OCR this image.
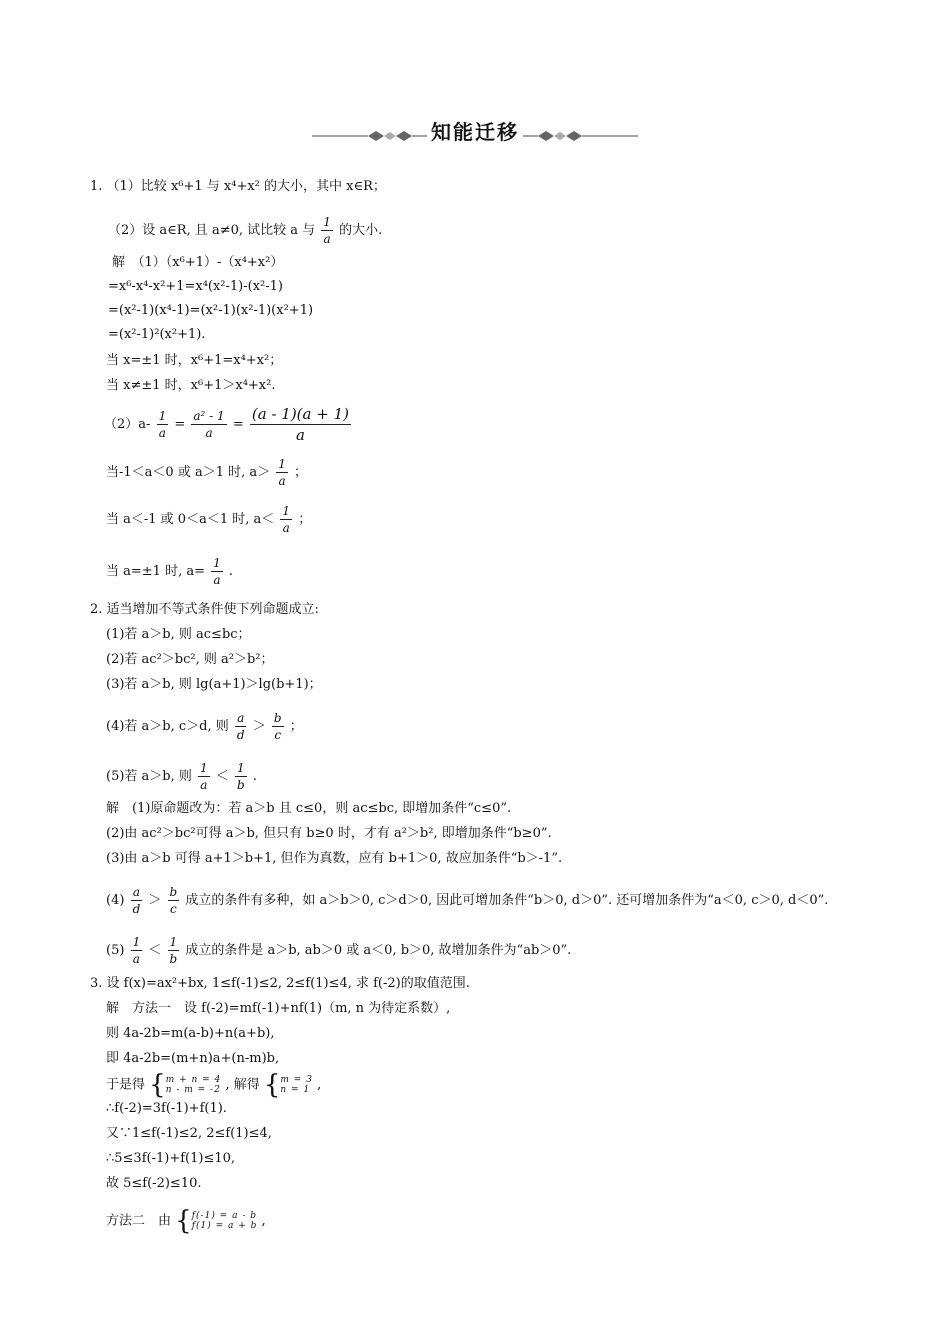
知能迁移
1. （1）比较 x⁶+1 与 x⁴+x² 的大小，其中 x∈R；
（2）设 a∈R, 且 a≠0, 试比较 a 与 $\frac{1}{a}$ 的大小.
解　（1）（x⁶+1）-（x⁴+x²）
=x⁶-x⁴-x²+1=x⁴(x²-1)-(x²-1)
=(x²-1)(x⁴-1)=(x²-1)(x²-1)(x²+1)
=(x²-1)²(x²+1).
当 x=±1 时，x⁶+1=x⁴+x²；
当 x≠±1 时，x⁶+1＞x⁴+x².
$(2)a- \frac{1}{a} = \frac{\text{a² - 1}}{a} = \frac{(a - 1)(a + 1)}{a}$
当-1＜a＜0 或 a＞1 时, $a> \frac{1}{a}$ ；
当 a＜-1 或 0＜a＜1 时, $a< \frac{1}{a}$ ；
当 a=±1 时, $a= \frac{1}{a}$ .
2. 适当增加不等式条件使下列命题成立:
(1)若 a＞b, 则 ac≤bc；
(2)若 ac²＞bc², 则 a²＞b²；
(3)若 a＞b, 则 lg(a+1)＞lg(b+1)；
(4)若 a＞b, c＞d, 则 $\frac{a}{d} > \frac{b}{c}$ ；
(5)若 a＞b, 则 $\frac{1}{a} < \frac{1}{b}$ .
解　(1)原命题改为：若 a＞b 且 c≤0，则 ac≤bc, 即增加条件“c≤0”.
(2)由 ac²＞bc²可得 a＞b, 但只有 b≥0 时，才有 a²＞b², 即增加条件“b≥0”.
(3)由 a＞b 可得 a+1＞b+1, 但作为真数，应有 b+1＞0, 故应加条件“b＞-1”.
$(4) \frac{a}{d} > \frac{b}{c}$ 成立的条件有多种，如 a＞b＞0, c＞d＞0, 因此可增加条件“b＞0, d＞0”. 还可增加条件为“a＜0, c＞0, d＜0”.
$(5) \frac{1}{a} < \frac{1}{b}$ 成立的条件是 a＞b, ab＞0 或 a＜0, b＞0, 故增加条件为“ab＞0”.
3. 设 f(x)=ax²+bx, 1≤f(-1)≤2, 2≤f(1)≤4, 求 f(-2)的取值范围.
解　方法一　设 f(-2)=mf(-1)+nf(1)（m, n 为待定系数）,
则 4a-2b=m(a-b)+n(a+b),
即 4a-2b=(m+n)a+(n-m)b,
于是得 { m + n = 4
n - m = -2 , 解得 { m = 3
n = 1 ,
∴f(-2)=3f(-1)+f(1).
又∵1≤f(-1)≤2, 2≤f(1)≤4,
∴5≤3f(-1)+f(1)≤10,
故 5≤f(-2)≤10.
方法二　由 { f(-1) = a - b
f(1) = a + b ,
